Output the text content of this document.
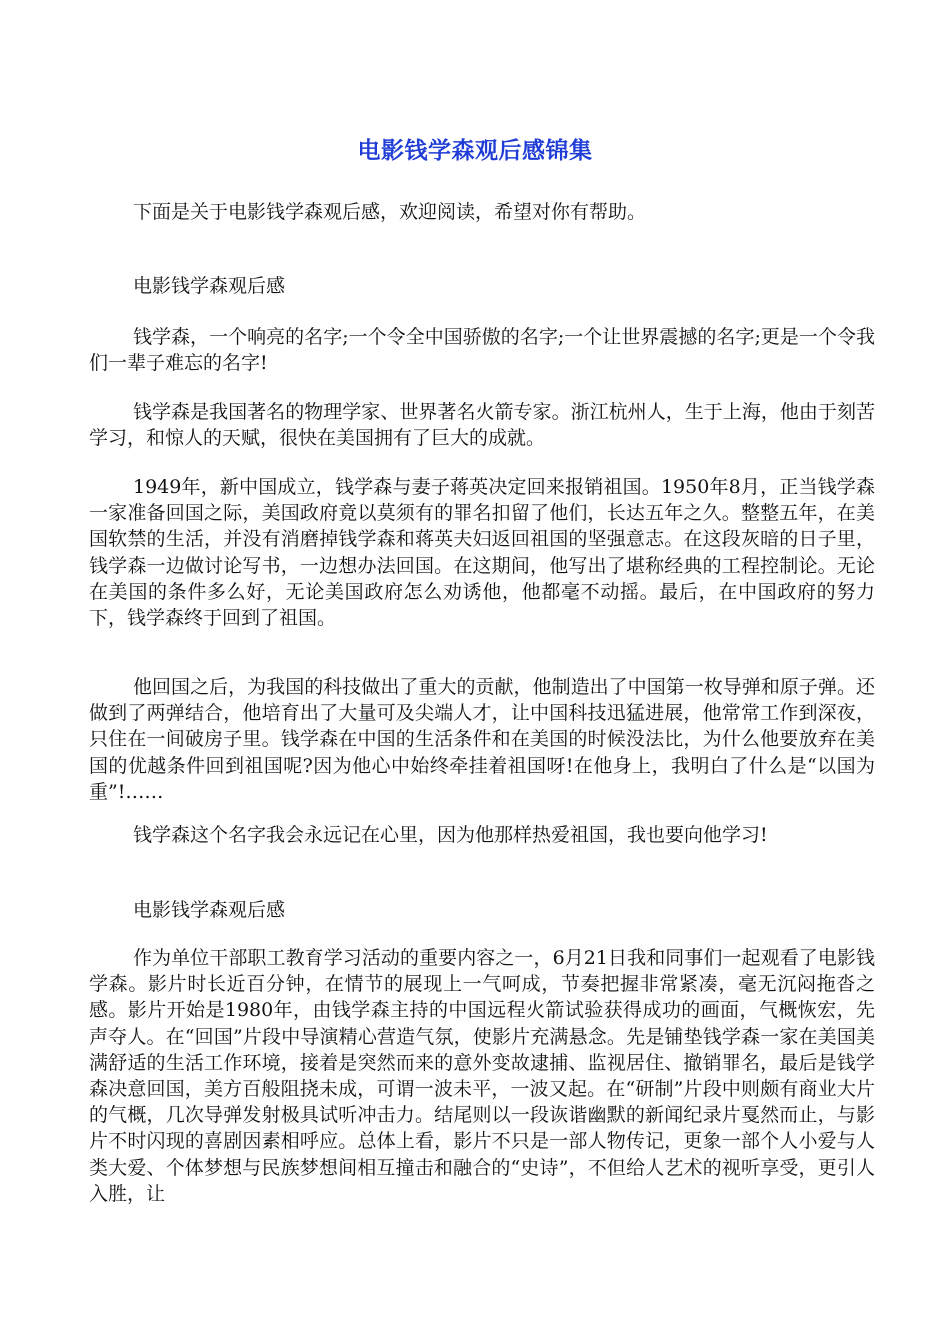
电影钱学森观后感锦集

下面是关于电影钱学森观后感，欢迎阅读，希望对你有帮助。

电影钱学森观后感

钱学森，一个响亮的名字;一个令全中国骄傲的名字;一个让世界震撼的名字;更是一个令我们一辈子难忘的名字!

钱学森是我国著名的物理学家、世界著名火箭专家。浙江杭州人，生于上海，他由于刻苦学习，和惊人的天赋，很快在美国拥有了巨大的成就。

1949年，新中国成立，钱学森与妻子蒋英决定回来报销祖国。1950年8月，正当钱学森一家准备回国之际，美国政府竟以莫须有的罪名扣留了他们，长达五年之久。整整五年，在美国软禁的生活，并没有消磨掉钱学森和蒋英夫妇返回祖国的坚强意志。在这段灰暗的日子里，钱学森一边做讨论写书，一边想办法回国。在这期间，他写出了堪称经典的工程控制论。无论在美国的条件多么好，无论美国政府怎么劝诱他，他都毫不动摇。最后，在中国政府的努力下，钱学森终于回到了祖国。

他回国之后，为我国的科技做出了重大的贡献，他制造出了中国第一枚导弹和原子弹。还做到了两弹结合，他培育出了大量可及尖端人才，让中国科技迅猛进展，他常常工作到深夜，只住在一间破房子里。钱学森在中国的生活条件和在美国的时候没法比，为什么他要放弃在美国的优越条件回到祖国呢?因为他心中始终牵挂着祖国呀!在他身上，我明白了什么是“以国为重”!……

钱学森这个名字我会永远记在心里，因为他那样热爱祖国，我也要向他学习!

电影钱学森观后感

作为单位干部职工教育学习活动的重要内容之一，6月21日我和同事们一起观看了电影钱学森。影片时长近百分钟，在情节的展现上一气呵成，节奏把握非常紧凑，毫无沉闷拖沓之感。影片开始是1980年，由钱学森主持的中国远程火箭试验获得成功的画面，气概恢宏，先声夺人。在“回国”片段中导演精心营造气氛，使影片充满悬念。先是铺垫钱学森一家在美国美满舒适的生活工作环境，接着是突然而来的意外变故逮捕、监视居住、撤销罪名，最后是钱学森决意回国，美方百般阻挠未成，可谓一波未平，一波又起。在“研制”片段中则颇有商业大片的气概，几次导弹发射极具试听冲击力。结尾则以一段诙谐幽默的新闻纪录片戛然而止，与影片不时闪现的喜剧因素相呼应。总体上看，影片不只是一部人物传记，更象一部个人小爱与人类大爱、个体梦想与民族梦想间相互撞击和融合的“史诗”，不但给人艺术的视听享受，更引人入胜，让
